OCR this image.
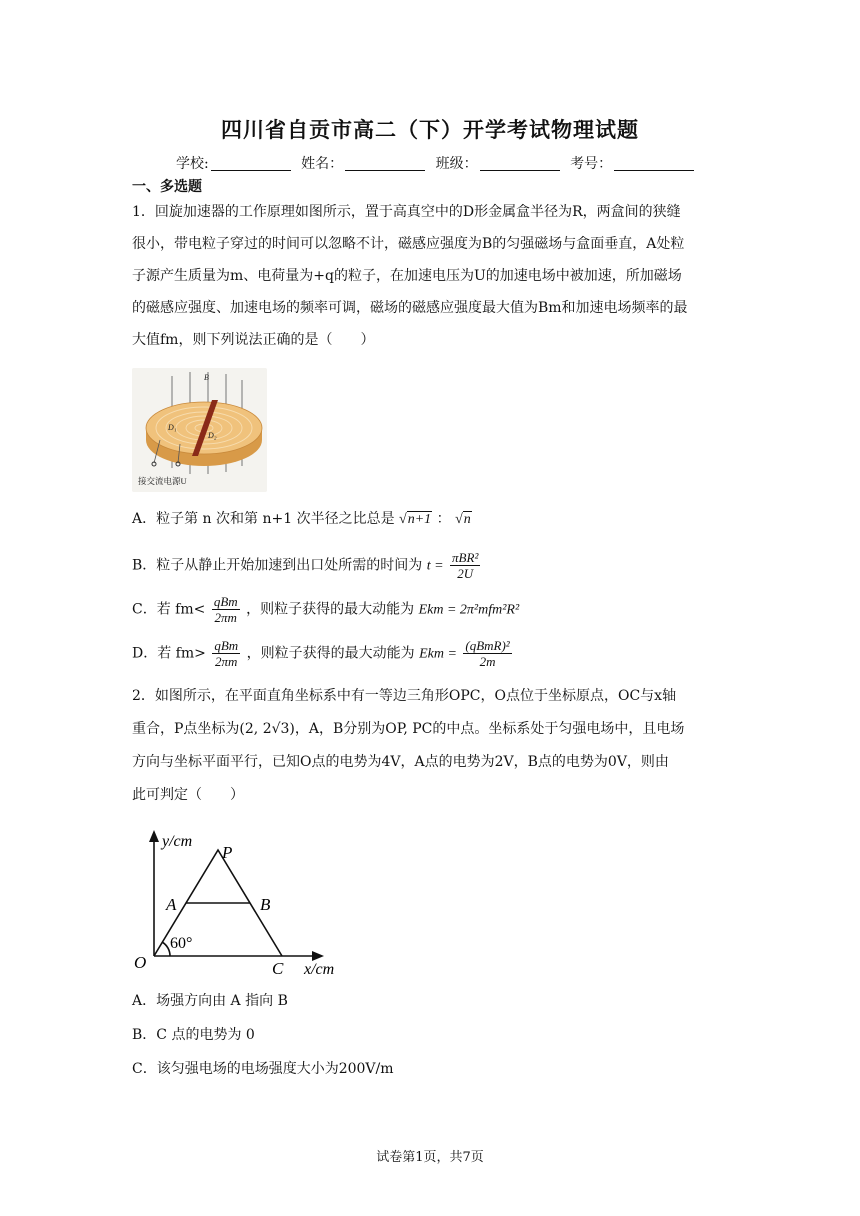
四川省自贡市高二（下）开学考试物理试题
学校:	姓名：	班级：	考号：
一、多选题
1．回旋加速器的工作原理如图所示，置于高真空中的D形金属盒半径为R，两盒间的狭缝
很小，带电粒子穿过的时间可以忽略不计，磁感应强度为B的匀强磁场与盒面垂直，A处粒
子源产生质量为m、电荷量为+q的粒子，在加速电压为U的加速电场中被加速，所加磁场
的磁感应强度、加速电场的频率可调，磁场的磁感应强度最大值为Bm和加速电场频率的最
大值fm，则下列说法正确的是（　　）
B
D₁
D₂
接交流电源U
A．粒子第 n 次和第 n+1 次半径之比总是 √n+1 ： √n
B．粒子从静止开始加速到出口处所需的时间为 $t = \frac{\text{πBR²}}{2U}$
C．若 $fm< \frac{\text{qBm}}{2\pi m}$ ，则粒子获得的最大动能为 Ekm = 2π²mfm²R²
D．若 $fm> \frac{\text{qBm}}{2\pi m}$ ，则粒子获得的最大动能为 Ekm = $\frac{\text{(qBmR)²}}{2m}$
2．如图所示，在平面直角坐标系中有一等边三角形OPC，O点位于坐标原点，OC与x轴
重合，P点坐标为(2, 2√3)，A，B分别为OP, PC的中点。坐标系处于匀强电场中，且电场
方向与坐标平面平行，已知O点的电势为4V，A点的电势为2V，B点的电势为0V，则由
此可判定（　　）
y/cm
x/cm
O
P
A	B
C
60°
A．场强方向由 A 指向 B
B．C 点的电势为 0
C．该匀强电场的电场强度大小为200V/m
试卷第1页，共7页
